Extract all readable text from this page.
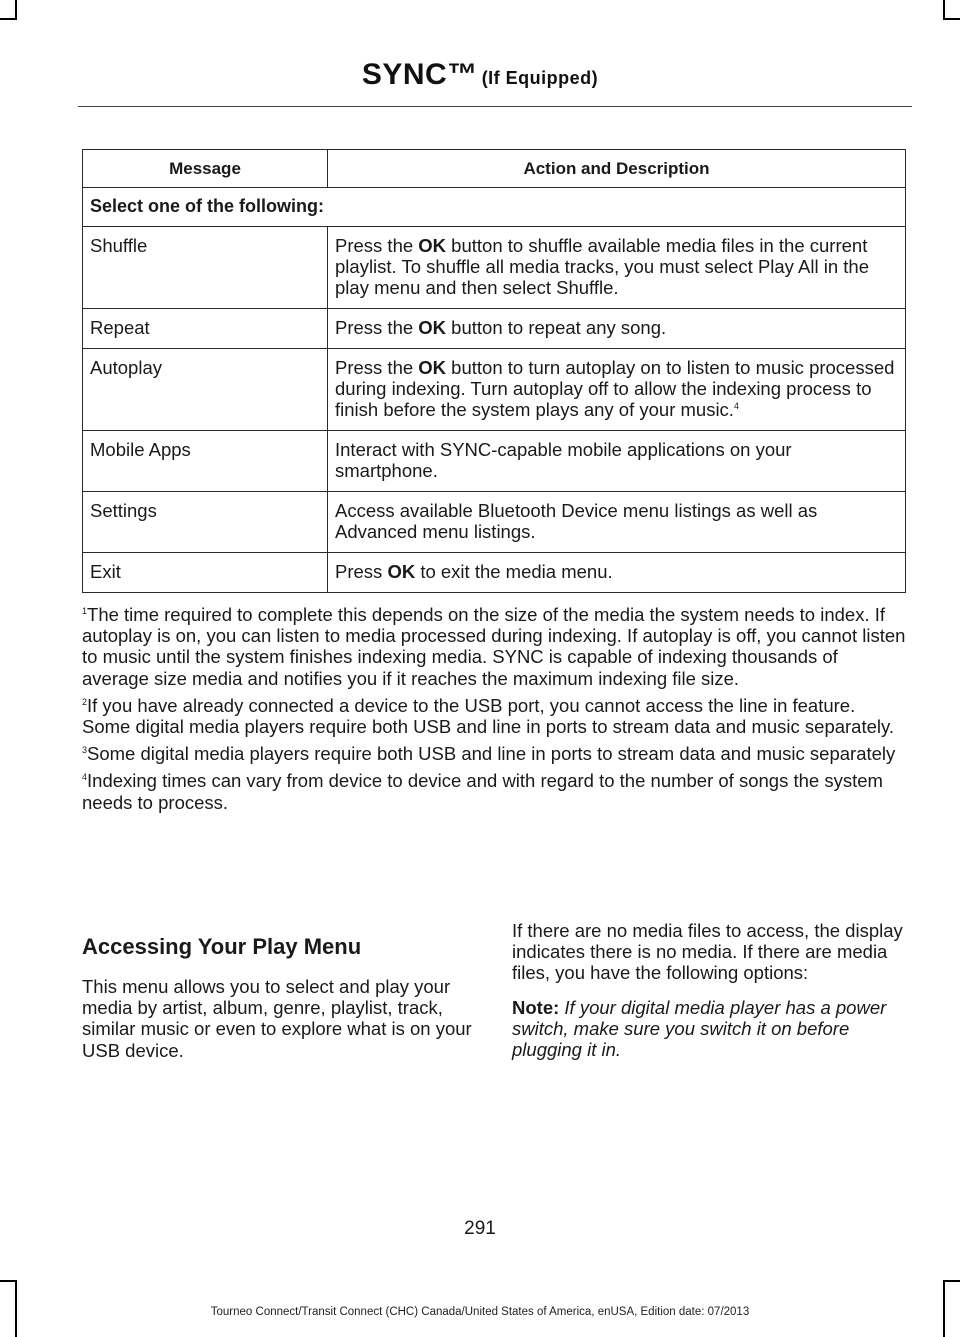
SYNC™ (If Equipped)
Message	Action and Description
Select one of the following:	
Shuffle	Press the OK button to shuffle available media files in the current playlist. To shuffle all media tracks, you must select Play All in the play menu and then select Shuffle.
Repeat	Press the OK button to repeat any song.
Autoplay	Press the OK button to turn autoplay on to listen to music processed during indexing. Turn autoplay off to allow the indexing process to finish before the system plays any of your music.$^4$
Mobile Apps	Interact with SYNC-capable mobile applications on your smartphone.
Settings	Access available Bluetooth Device menu listings as well as Advanced menu listings.
Exit	Press OK to exit the media menu.

$^1$The time required to complete this depends on the size of the media the system needs to index. If autoplay is on, you can listen to media processed during indexing. If autoplay is off, you cannot listen to music until the system finishes indexing media. SYNC is capable of indexing thousands of average size media and notifies you if it reaches the maximum indexing file size.

$^2$If you have already connected a device to the USB port, you cannot access the line in feature. Some digital media players require both USB and line in ports to stream data and music separately.

$^3$Some digital media players require both USB and line in ports to stream data and music separately

$^4$Indexing times can vary from device to device and with regard to the number of songs the system needs to process.

Accessing Your Play Menu

This menu allows you to select and play your media by artist, album, genre, playlist, track, similar music or even to explore what is on your USB device.

If there are no media files to access, the display indicates there is no media. If there are media files, you have the following options:

Note: If your digital media player has a power switch, make sure you switch it on before plugging it in.

291
Tourneo Connect/Transit Connect (CHC) Canada/United States of America, enUSA, Edition date: 07/2013
